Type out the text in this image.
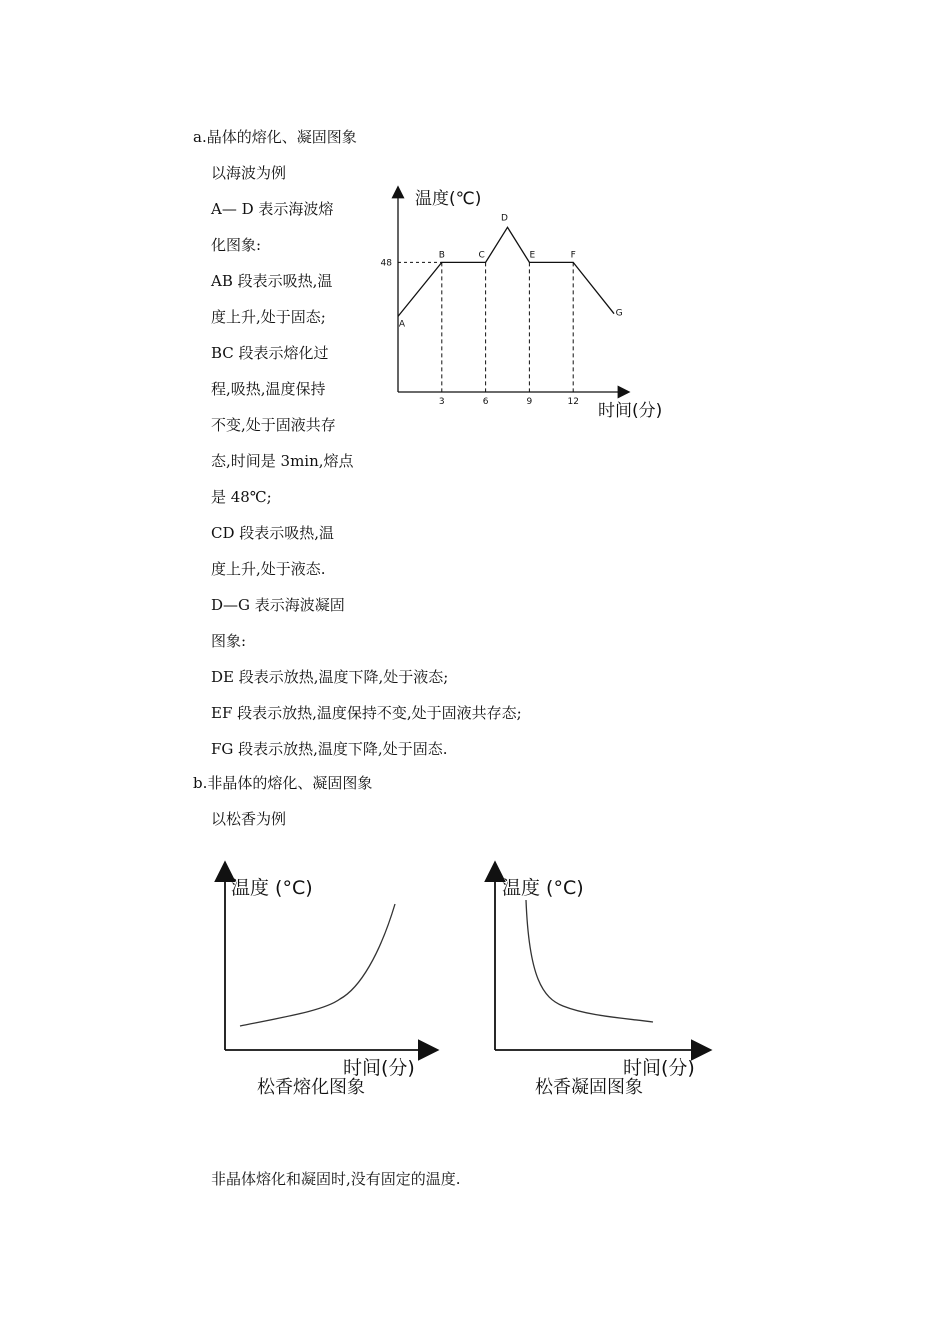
a.晶体的熔化、凝固图象
以海波为例
A— D 表示海波熔
化图象:
AB 段表示吸热,温
度上升,处于固态;
BC 段表示熔化过
程,吸热,温度保持
不变,处于固液共存
态,时间是 3min,熔点
是 48℃;
CD 段表示吸热,温
度上升,处于液态.
D—G 表示海波凝固
图象:
DE 段表示放热,温度下降,处于液态;
EF 段表示放热,温度保持不变,处于固液共存态;
FG 段表示放热,温度下降,处于固态.
温度(℃)
时间(分)
3	6	9	12
48
A
B	C
D
E	F
G
b.非晶体的熔化、凝固图象
以松香为例
温度 (°C)
时间(分)
松香熔化图象
温度 (°C)
时间(分)
松香凝固图象
非晶体熔化和凝固时,没有固定的温度.
